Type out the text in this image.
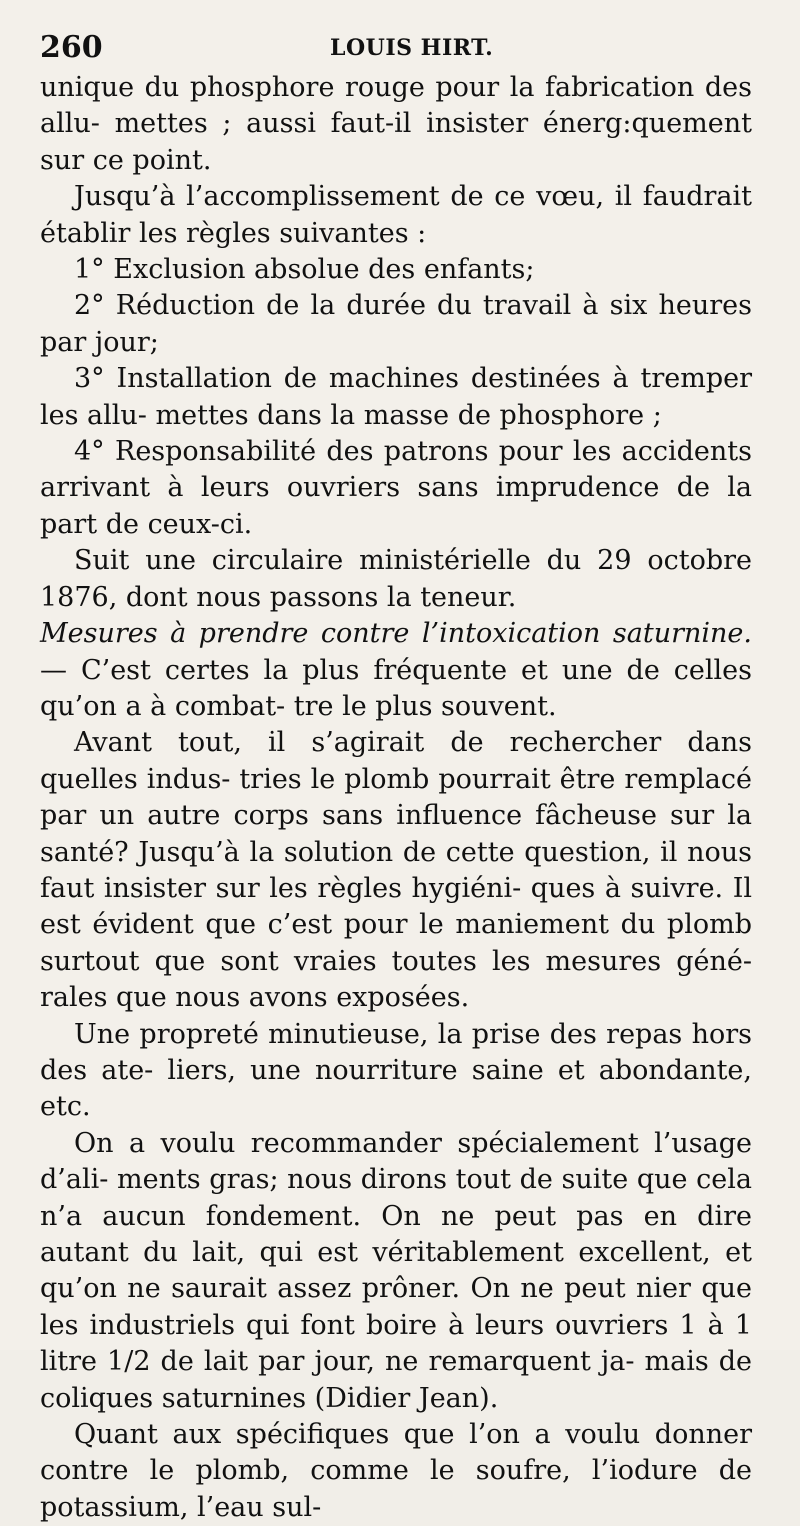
260	LOUIS HIRT.

unique du phosphore rouge pour la fabrication des allu- mettes ; aussi faut-il insister énerg:quement sur ce point.

Jusqu’à l’accomplissement de ce vœu, il faudrait établir les règles suivantes :

1° Exclusion absolue des enfants;

2° Réduction de la durée du travail à six heures par jour;

3° Installation de machines destinées à tremper les allu- mettes dans la masse de phosphore ;

4° Responsabilité des patrons pour les accidents arrivant à leurs ouvriers sans imprudence de la part de ceux-ci.

Suit une circulaire ministérielle du 29 octobre 1876, dont nous passons la teneur.

Mesures à prendre contre l’intoxication saturnine. — C’est certes la plus fréquente et une de celles qu’on a à combat- tre le plus souvent.

Avant tout, il s’agirait de rechercher dans quelles indus- tries le plomb pourrait être remplacé par un autre corps sans influence fâcheuse sur la santé? Jusqu’à la solution de cette question, il nous faut insister sur les règles hygiéni- ques à suivre. Il est évident que c’est pour le maniement du plomb surtout que sont vraies toutes les mesures géné- rales que nous avons exposées.

Une propreté minutieuse, la prise des repas hors des ate- liers, une nourriture saine et abondante, etc.

On a voulu recommander spécialement l’usage d’ali- ments gras; nous dirons tout de suite que cela n’a aucun fondement. On ne peut pas en dire autant du lait, qui est véritablement excellent, et qu’on ne saurait assez prôner. On ne peut nier que les industriels qui font boire à leurs ouvriers 1 à 1 litre 1/2 de lait par jour, ne remarquent ja- mais de coliques saturnines (Didier Jean).

Quant aux spécifiques que l’on a voulu donner contre le plomb, comme le soufre, l’iodure de potassium, l’eau sul-
